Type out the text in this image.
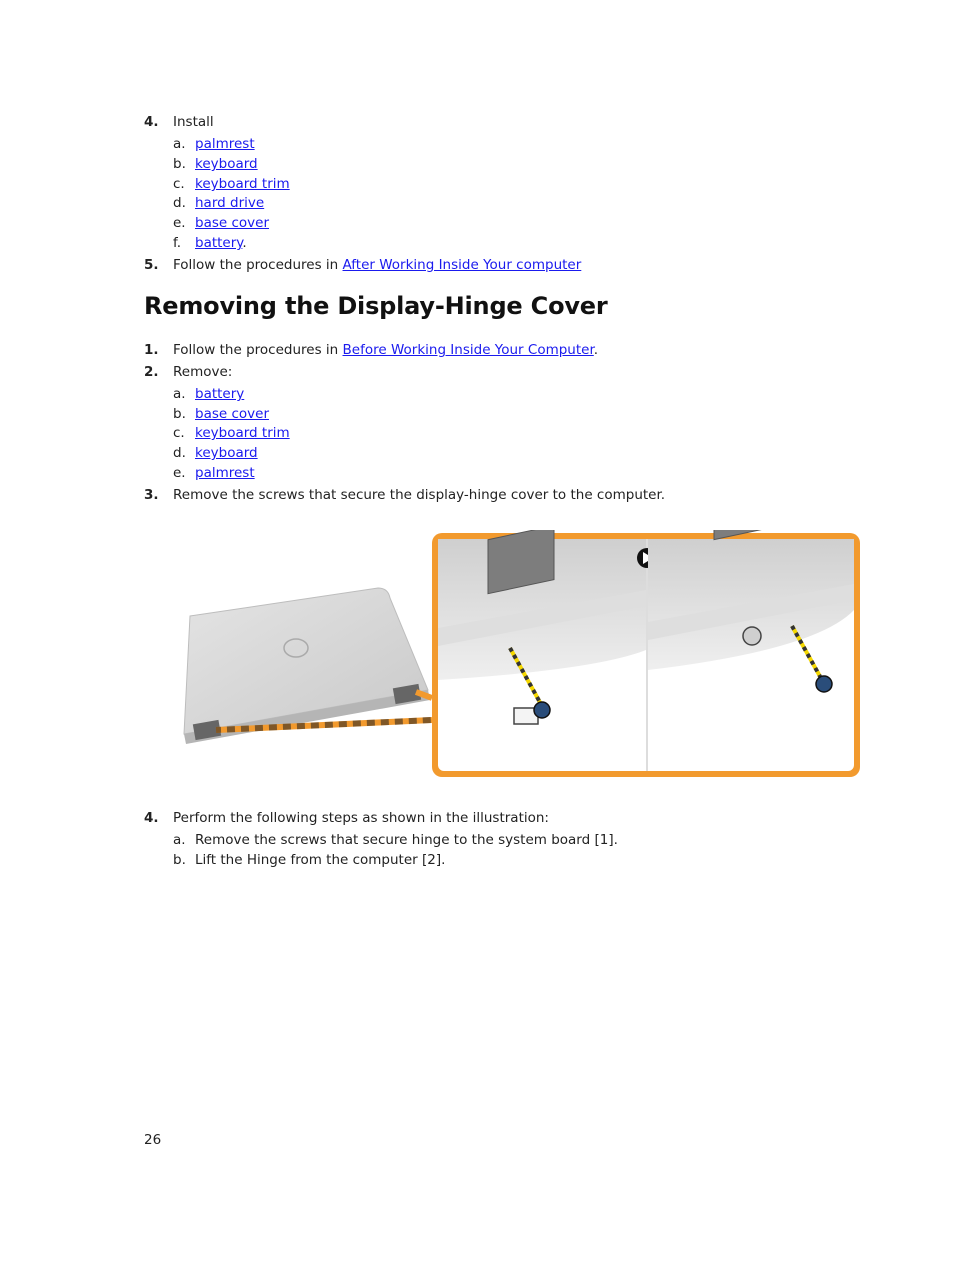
4. Install
a. palmrest
b. keyboard
c. keyboard trim
d. hard drive
e. base cover
f. battery.
5. Follow the procedures in After Working Inside Your computer
Removing the Display-Hinge Cover
1. Follow the procedures in Before Working Inside Your Computer.
2. Remove:
a. battery
b. base cover
c. keyboard trim
d. keyboard
e. palmrest
3. Remove the screws that secure the display-hinge cover to the computer.
4. Perform the following steps as shown in the illustration:
a. Remove the screws that secure hinge to the system board [1].
b. Lift the Hinge from the computer [2].
26
